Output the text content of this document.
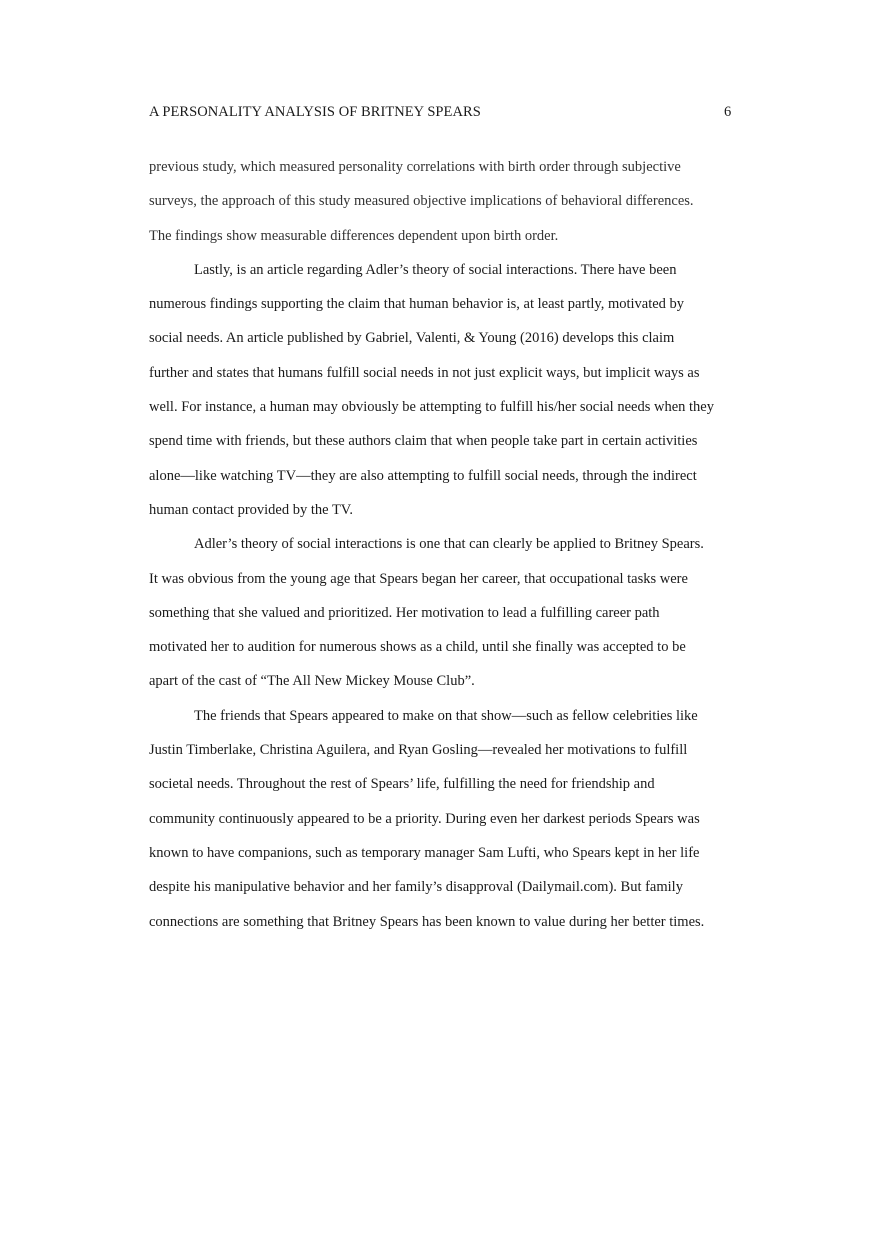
A PERSONALITY ANALYSIS OF BRITNEY SPEARS	6
previous study, which measured personality correlations with birth order through subjective
surveys, the approach of this study measured objective implications of behavioral differences.
The findings show measurable differences dependent upon birth order.
Lastly, is an article regarding Adler’s theory of social interactions. There have been
numerous findings supporting the claim that human behavior is, at least partly, motivated by
social needs. An article published by Gabriel, Valenti, & Young (2016) develops this claim
further and states that humans fulfill social needs in not just explicit ways, but implicit ways as
well. For instance, a human may obviously be attempting to fulfill his/her social needs when they
spend time with friends, but these authors claim that when people take part in certain activities
alone—like watching TV—they are also attempting to fulfill social needs, through the indirect
human contact provided by the TV.
Adler’s theory of social interactions is one that can clearly be applied to Britney Spears.
It was obvious from the young age that Spears began her career, that occupational tasks were
something that she valued and prioritized. Her motivation to lead a fulfilling career path
motivated her to audition for numerous shows as a child, until she finally was accepted to be
apart of the cast of “The All New Mickey Mouse Club”.
The friends that Spears appeared to make on that show—such as fellow celebrities like
Justin Timberlake, Christina Aguilera, and Ryan Gosling—revealed her motivations to fulfill
societal needs. Throughout the rest of Spears’ life, fulfilling the need for friendship and
community continuously appeared to be a priority. During even her darkest periods Spears was
known to have companions, such as temporary manager Sam Lufti, who Spears kept in her life
despite his manipulative behavior and her family’s disapproval (Dailymail.com). But family
connections are something that Britney Spears has been known to value during her better times.
